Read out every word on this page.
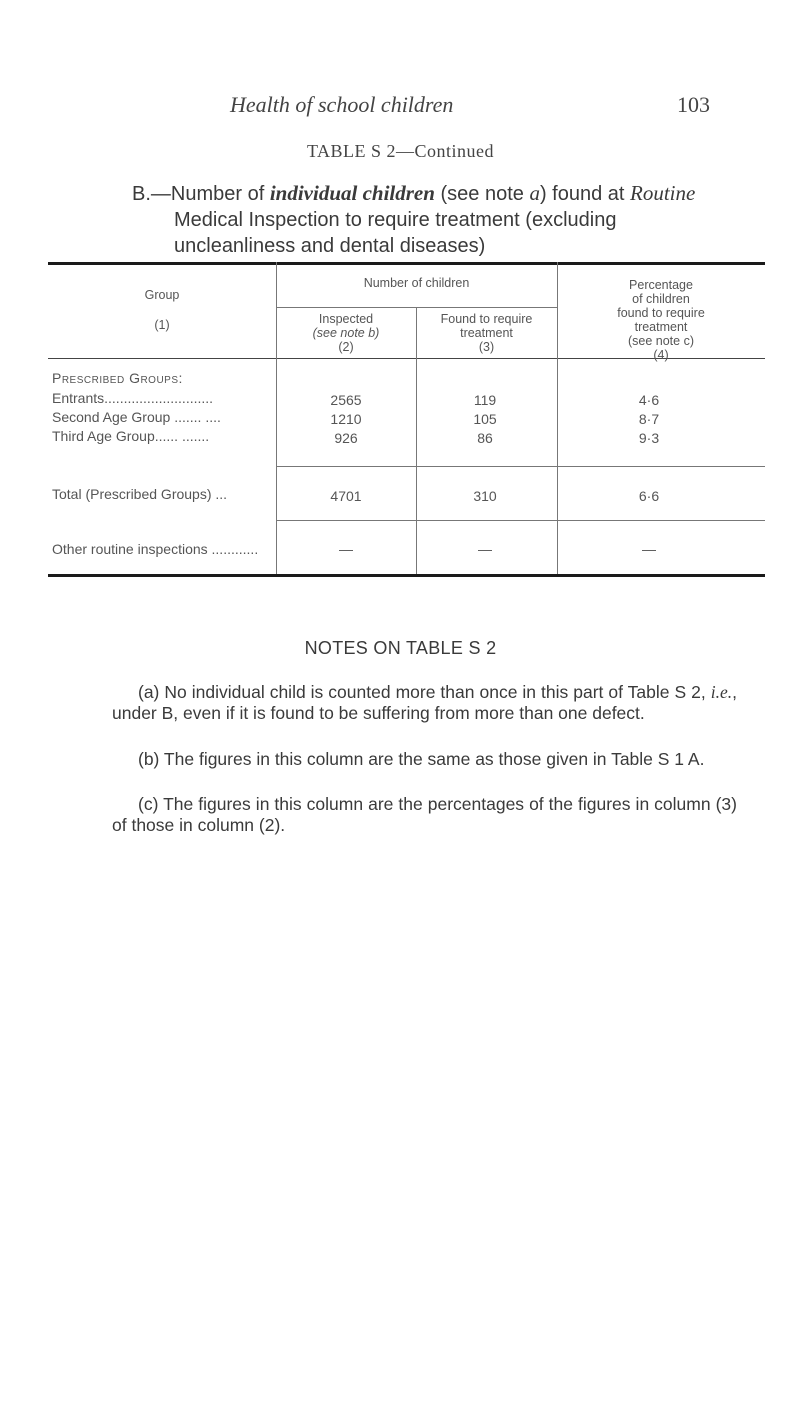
Health of school children	103
TABLE S 2—Continued
B.—Number of individual children (see note a) found at Routine
Medical Inspection to require treatment (excluding
uncleanliness and dental diseases)
Group
(1)
Number of children
Inspected
(see note b)
(2)
Found to require
treatment
(3)
Percentage
of children
found to require
treatment
(see note c)
(4)
Prescribed Groups:
Entrants............................	2565	119	4·6
Second Age Group ....... ....	1210	105	8·7
Third Age Group...... .......	926	86	9·3
Total (Prescribed Groups) ...	4701	310	6·6
Other routine inspections ............	—	—	—
NOTES ON TABLE S 2
(a) No individual child is counted more than once in this part of Table S 2, i.e., under B, even if it is found to be suffering from more than one defect.
(b) The figures in this column are the same as those given in Table S 1 A.
(c) The figures in this column are the percentages of the figures in column (3) of those in column (2).
